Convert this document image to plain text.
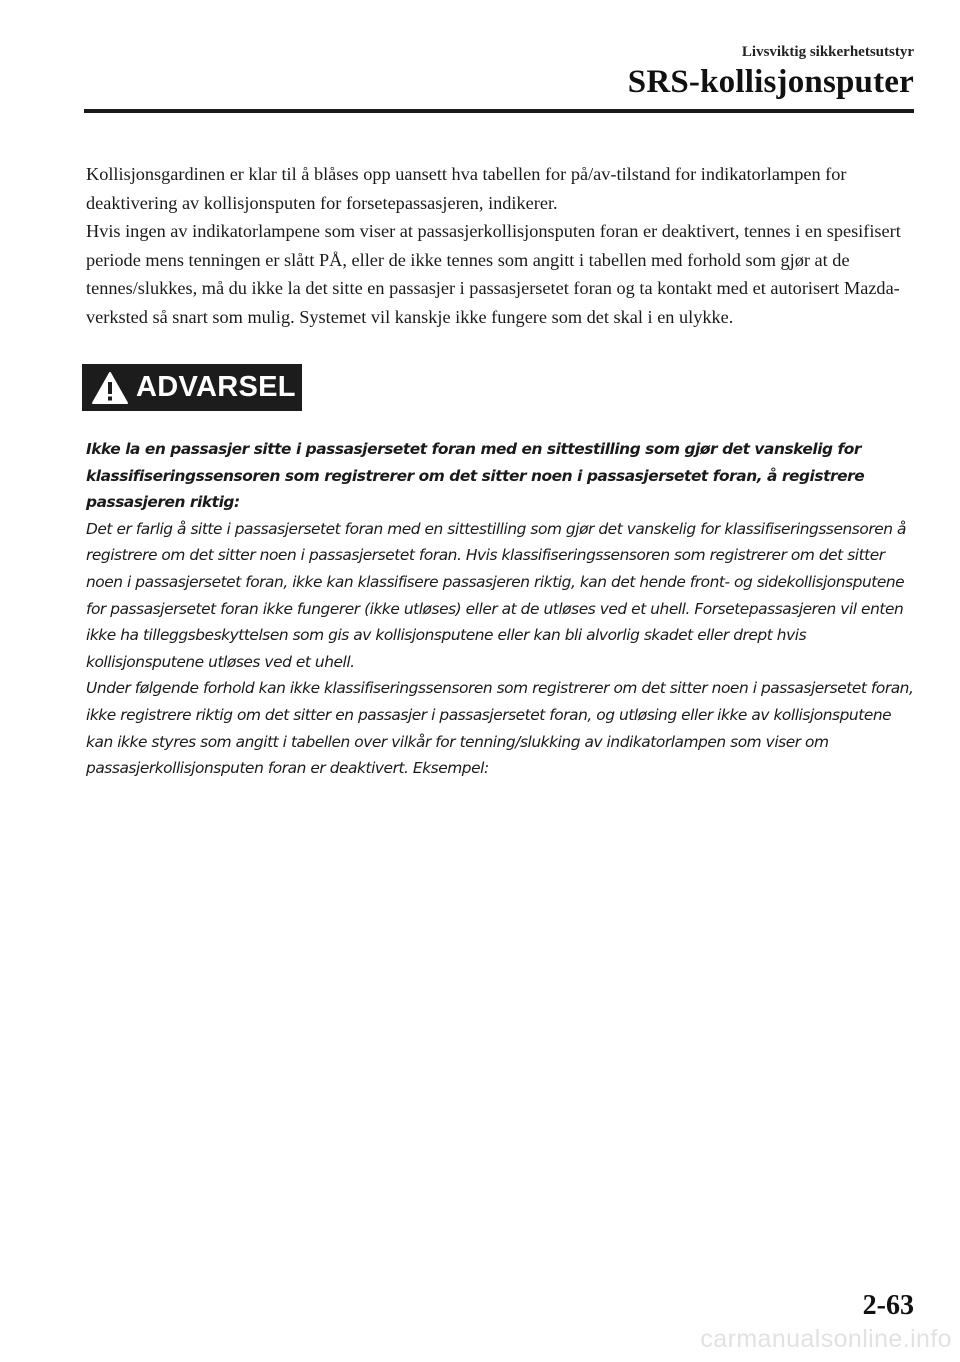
Livsviktig sikkerhetsutstyr
SRS-kollisjonsputer

Kollisjonsgardinen er klar til å blåses opp uansett hva tabellen for på/av-tilstand for indikatorlampen for deaktivering av kollisjonsputen for forsetepassasjeren, indikerer.

Hvis ingen av indikatorlampene som viser at passasjerkollisjonsputen foran er deaktivert, tennes i en spesifisert periode mens tenningen er slått PÅ, eller de ikke tennes som angitt i tabellen med forhold som gjør at de tennes/slukkes, må du ikke la det sitte en passasjer i passasjersetet foran og ta kontakt med et autorisert Mazda-verksted så snart som mulig. Systemet vil kanskje ikke fungere som det skal i en ulykke.

ADVARSEL

Ikke la en passasjer sitte i passasjersetet foran med en sittestilling som gjør det vanskelig for klassifiseringssensoren som registrerer om det sitter noen i passasjersetet foran, å registrere passasjeren riktig:

Det er farlig å sitte i passasjersetet foran med en sittestilling som gjør det vanskelig for klassifiseringssensoren å registrere om det sitter noen i passasjersetet foran. Hvis klassifiseringssensoren som registrerer om det sitter noen i passasjersetet foran, ikke kan klassifisere passasjeren riktig, kan det hende front- og sidekollisjonsputene for passasjersetet foran ikke fungerer (ikke utløses) eller at de utløses ved et uhell. Forsetepassasjeren vil enten ikke ha tilleggsbeskyttelsen som gis av kollisjonsputene eller kan bli alvorlig skadet eller drept hvis kollisjonsputene utløses ved et uhell.

Under følgende forhold kan ikke klassifiseringssensoren som registrerer om det sitter noen i passasjersetet foran, ikke registrere riktig om det sitter en passasjer i passasjersetet foran, og utløsing eller ikke av kollisjonsputene kan ikke styres som angitt i tabellen over vilkår for tenning/slukking av indikatorlampen som viser om passasjerkollisjonsputen foran er deaktivert. Eksempel:

2-63
carmanualsonline.info
